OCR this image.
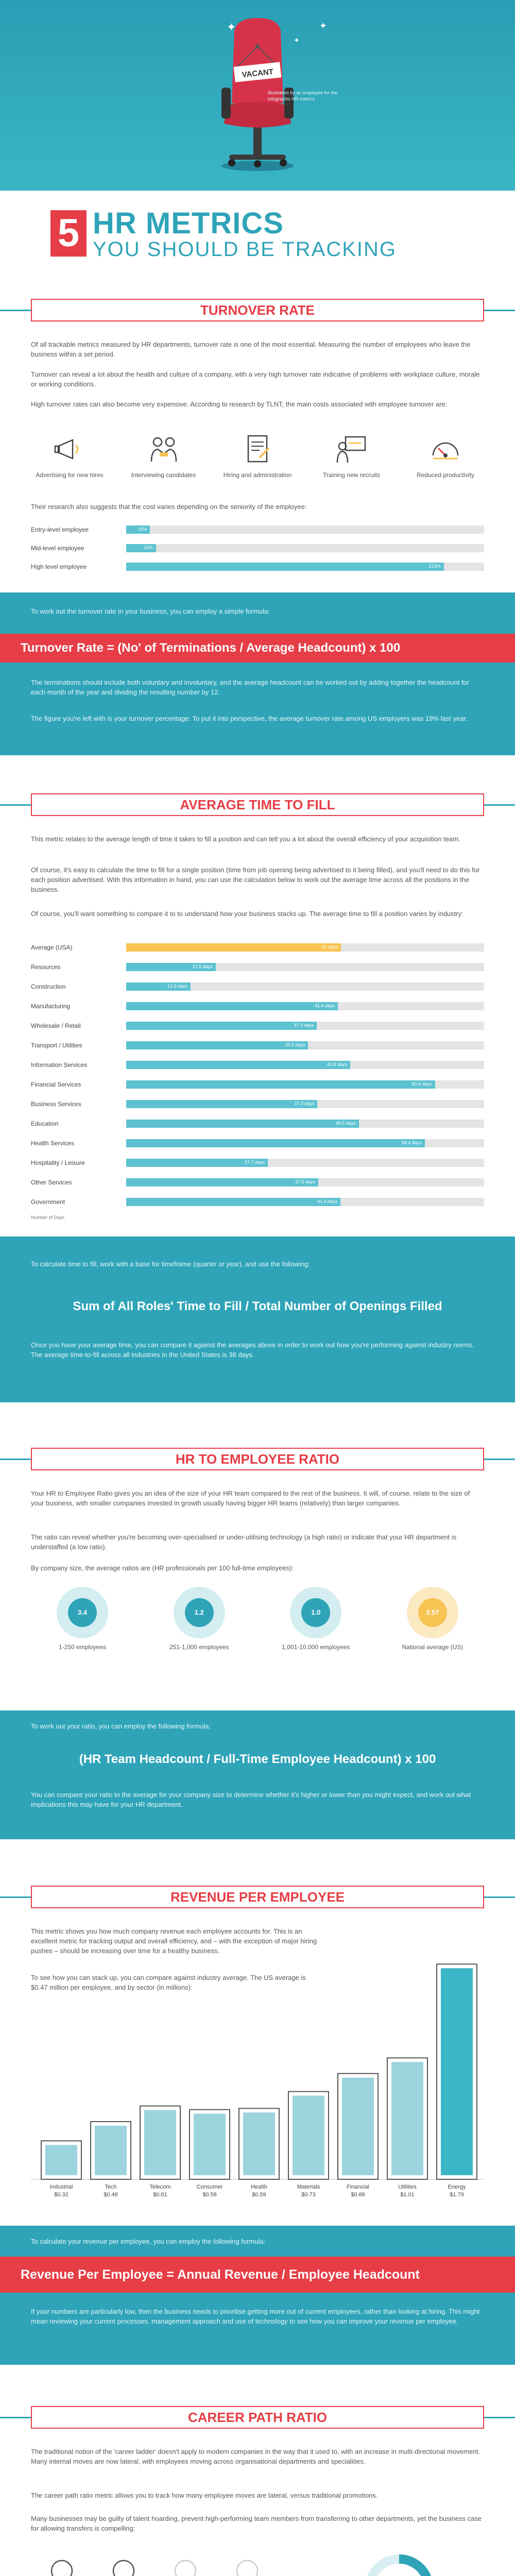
✦
✦
✦
VACANT
Illustration by an employee for the infographic HR metrics
5 HR METRICS
YOU SHOULD BE TRACKING
TURNOVER RATE
Of all trackable metrics measured by HR departments, turnover rate is one of the most essential. Measuring the number of employees who leave the business within a set period.
Turnover can reveal a lot about the health and culture of a company, with a very high turnover rate indicative of problems with workplace culture, morale or working conditions.
High turnover rates can also become very expensive. According to research by TLNT, the main costs associated with employee turnover are:
Advertising for new hires	Interviewing candidates	Hiring and administration	Training new recruits	Reduced productivity
Their research also suggests that the cost varies depending on the seniority of the employee:
Entry-level employee	16%
Mid-level employee	20%
High level employee	213%
To work out the turnover rate in your business, you can employ a simple formula:
Turnover Rate = (No' of Terminations / Average Headcount) x 100
The terminations should include both voluntary and involuntary, and the average headcount can be worked out by adding together the headcount for each month of the year and dividing the resulting number by 12.
The figure you're left with is your turnover percentage. To put it into perspective, the average turnover rate among US employers was 19% last year.
AVERAGE TIME TO FILL
This metric relates to the average length of time it takes to fill a position and can tell you a lot about the overall efficiency of your acquisition team.
Of course, it's easy to calculate the time to fill for a single position (time from job opening being advertised to it being filled), and you'll need to do this for each position advertised. With this information in hand, you can use the calculation below to work out the average time across all the positions in the business.
Of course, you'll want something to compare it to to understand how your business stacks up. The average time to fill a position varies by industry:
Average (USA)	42 days
Resources	17.5 days
Construction	12.6 days
Manufacturing	41.4 days
Wholesale / Retail	37.3 days
Transport / Utilities	35.6 days
Information Services	43.8 days
Financial Services	60.4 days
Business Services	37.4 days
Education	45.5 days
Health Services	58.4 days
Hospitality / Leisure	27.7 days
Other Services	37.6 days
Government	41.9 days
Number of Days
To calculate time to fill, work with a base for timeframe (quarter or year), and use the following:
Sum of All Roles' Time to Fill / Total Number of Openings Filled
Once you have your average time, you can compare it against the averages above in order to work out how you're performing against industry norms. The average time-to-fill across all industries in the United States is 36 days.
HR TO EMPLOYEE RATIO
Your HR to Employee Ratio gives you an idea of the size of your HR team compared to the rest of the business. It will, of course, relate to the size of your business, with smaller companies invested in growth usually having bigger HR teams (relatively) than larger companies.
The ratio can reveal whether you're becoming over-specialised or under-utilising technology (a high ratio) or indicate that your HR department is understaffed (a low ratio).
By company size, the average ratios are (HR professionals per 100 full-time employees):
3.4
1-250 employees
1.2
251-1,000 employees
1.0
1,001-10,000 employees
2.57
National average (US)
To work out your ratio, you can employ the following formula:
(HR Team Headcount / Full-Time Employee Headcount) x 100
You can compare your ratio to the average for your company size to determine whether it's higher or lower than you might expect, and work out what implications this may have for your HR department.
REVENUE PER EMPLOYEE
This metric shows you how much company revenue each employee accounts for. This is an excellent metric for tracking output and overall efficiency, and – with the exception of major hiring pushes – should be increasing over time for a healthy business.
To see how you can stack up, you can compare against industry average. The US average is $0.47 million per employee, and by sector (in millions):
Industrial
$0.32
Tech
$0.48
Telecom
$0.61
Consumer
$0.58
Health
$0.59
Materials
$0.73
Financial
$0.88
Utilities
$1.01
Energy
$1.79
To calculate your revenue per employee, you can employ the following formula:
Revenue Per Employee = Annual Revenue / Employee Headcount
If your numbers are particularly low, then the business needs to prioritise getting more out of current employees, rather than looking at hiring. This might mean reviewing your current processes, management approach and use of technology to see how you can improve your revenue per employee.
CAREER PATH RATIO
The traditional notion of the 'career ladder' doesn't apply to modern companies in the way that it used to, with an increase in multi-directional movement. Many internal moves are now lateral, with employees moving across organisational departments and specialities.
The career path ratio metric allows you to track how many employee moves are lateral, versus traditional promotions.
Many businesses may be guilty of talent hoarding, prevent high-performing team members from transferring to other departments, yet the business case for allowing transfers is compelling:
